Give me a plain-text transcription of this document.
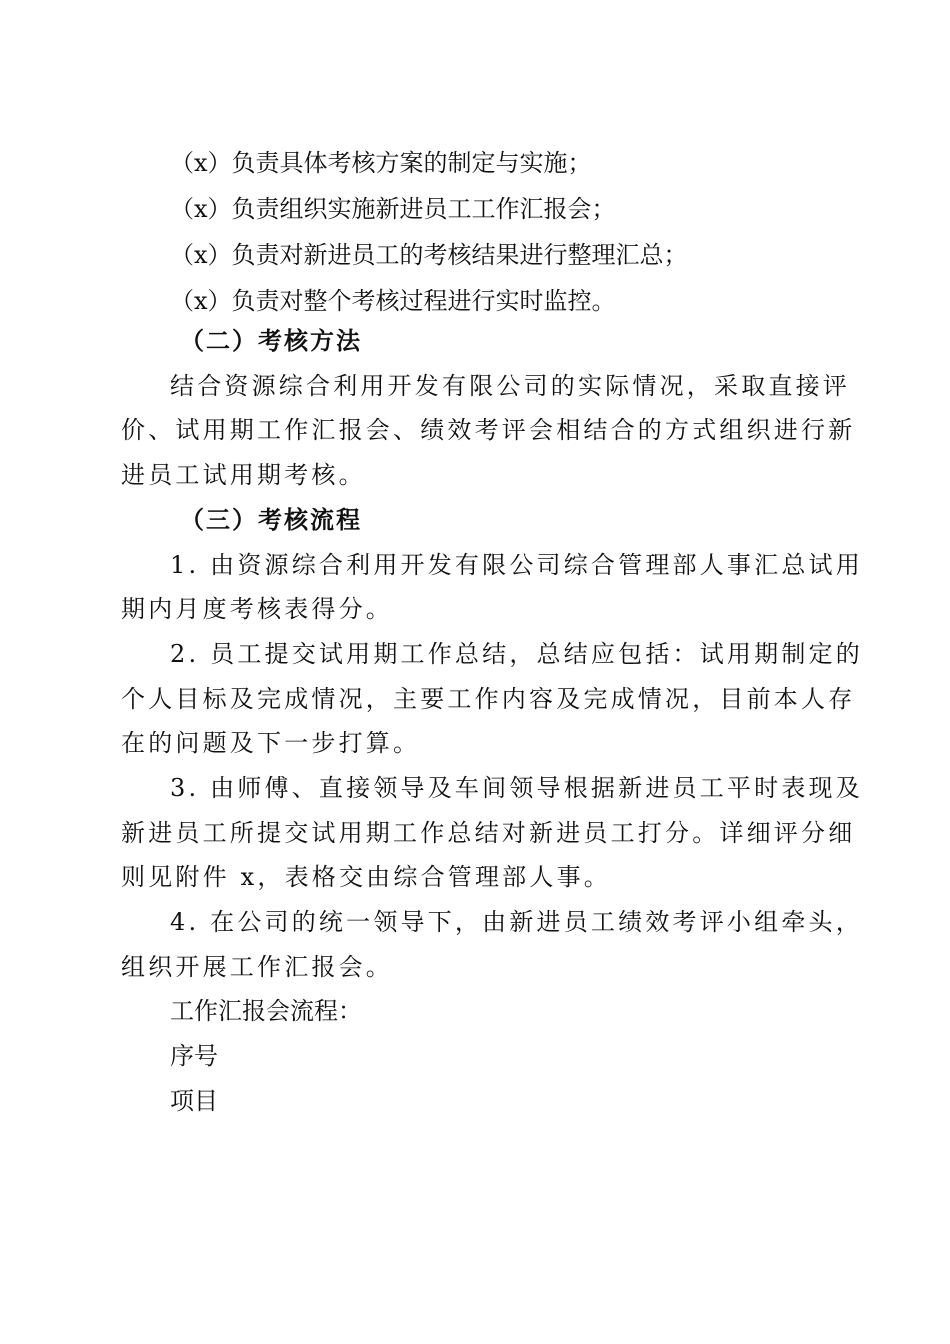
（x）负责具体考核方案的制定与实施；
（x）负责组织实施新进员工工作汇报会；
（x）负责对新进员工的考核结果进行整理汇总；
（x）负责对整个考核过程进行实时监控。
（二）考核方法
结合资源综合利用开发有限公司的实际情况，采取直接评
价、试用期工作汇报会、绩效考评会相结合的方式组织进行新
进员工试用期考核。
（三）考核流程
1. 由资源综合利用开发有限公司综合管理部人事汇总试用
期内月度考核表得分。
2. 员工提交试用期工作总结，总结应包括：试用期制定的
个人目标及完成情况，主要工作内容及完成情况，目前本人存
在的问题及下一步打算。
3. 由师傅、直接领导及车间领导根据新进员工平时表现及
新进员工所提交试用期工作总结对新进员工打分。详细评分细
则见附件 x，表格交由综合管理部人事。
4. 在公司的统一领导下，由新进员工绩效考评小组牵头，
组织开展工作汇报会。
工作汇报会流程：
序号
项目
